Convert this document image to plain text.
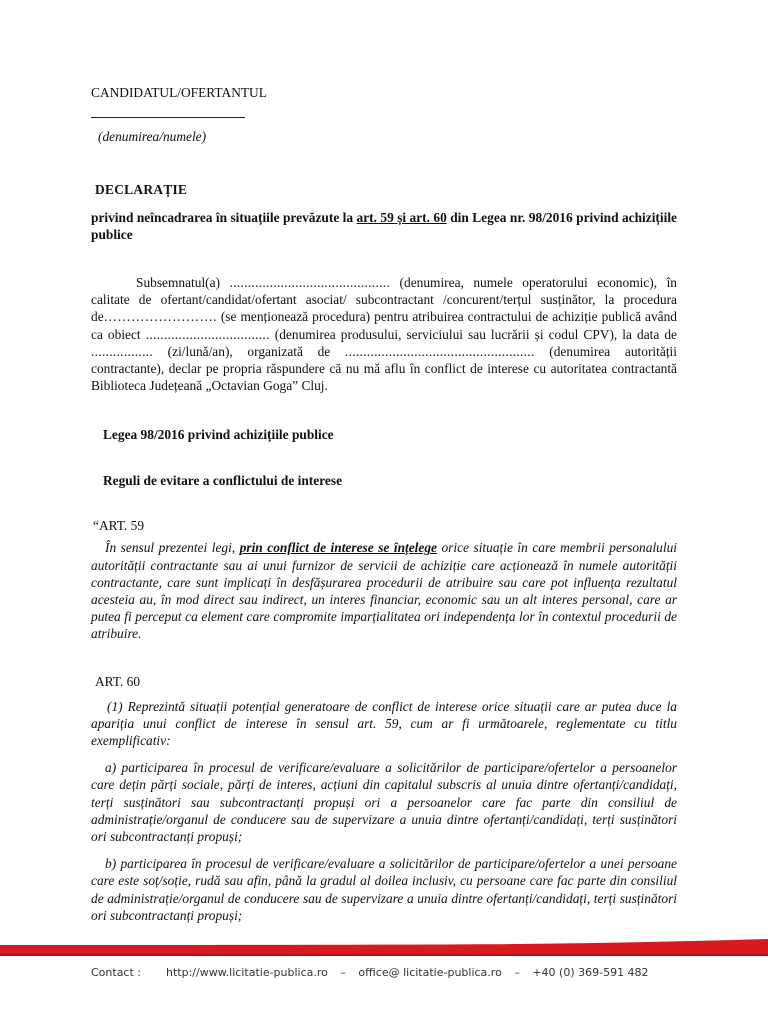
CANDIDATUL/OFERTANTUL
(denumirea/numele)
DECLARAȚIE
privind neîncadrarea în situațiile prevăzute la art. 59 și art. 60 din Legea nr. 98/2016 privind achizițiile publice
Subsemnatul(a) ............................................ (denumirea, numele operatorului economic), în calitate de ofertant/candidat/ofertant asociat/ subcontractant /concurent/terțul susținător, la procedura de……………………. (se menționează procedura) pentru atribuirea contractului de achiziție publică având ca obiect .................................. (denumirea produsului, serviciului sau lucrării și codul CPV), la data de ................. (zi/lună/an), organizată de .................................................... (denumirea autorității contractante), declar pe propria răspundere că nu mă aflu în conflict de interese cu autoritatea contractantă Biblioteca Județeană „Octavian Goga” Cluj.
Legea 98/2016 privind achizițiile publice
Reguli de evitare a conflictului de interese
“ART. 59
În sensul prezentei legi, prin conflict de interese se înțelege orice situație în care membrii personalului autorității contractante sau ai unui furnizor de servicii de achiziție care acționează în numele autorității contractante, care sunt implicați în desfășurarea procedurii de atribuire sau care pot influența rezultatul acesteia au, în mod direct sau indirect, un interes financiar, economic sau un alt interes personal, care ar putea fi perceput ca element care compromite imparțialitatea ori independența lor în contextul procedurii de atribuire.
ART. 60
(1) Reprezintă situații potențial generatoare de conflict de interese orice situații care ar putea duce la apariția unui conflict de interese în sensul art. 59, cum ar fi următoarele, reglementate cu titlu exemplificativ:
a) participarea în procesul de verificare/evaluare a solicitărilor de participare/ofertelor a persoanelor care dețin părți sociale, părți de interes, acțiuni din capitalul subscris al unuia dintre ofertanți/candidați, terți susținători sau subcontractanți propuși ori a persoanelor care fac parte din consiliul de administrație/organul de conducere sau de supervizare a unuia dintre ofertanți/candidați, terți susținători ori subcontractanți propuși;
b) participarea în procesul de verificare/evaluare a solicitărilor de participare/ofertelor a unei persoane care este soț/soție, rudă sau afin, până la gradul al doilea inclusiv, cu persoane care fac parte din consiliul de administrație/organul de conducere sau de supervizare a unuia dintre ofertanți/candidați, terți susținători ori subcontractanți propuși;
Contact : http://www.licitatie-publica.ro – office@ licitatie-publica.ro – +40 (0) 369-591 482
